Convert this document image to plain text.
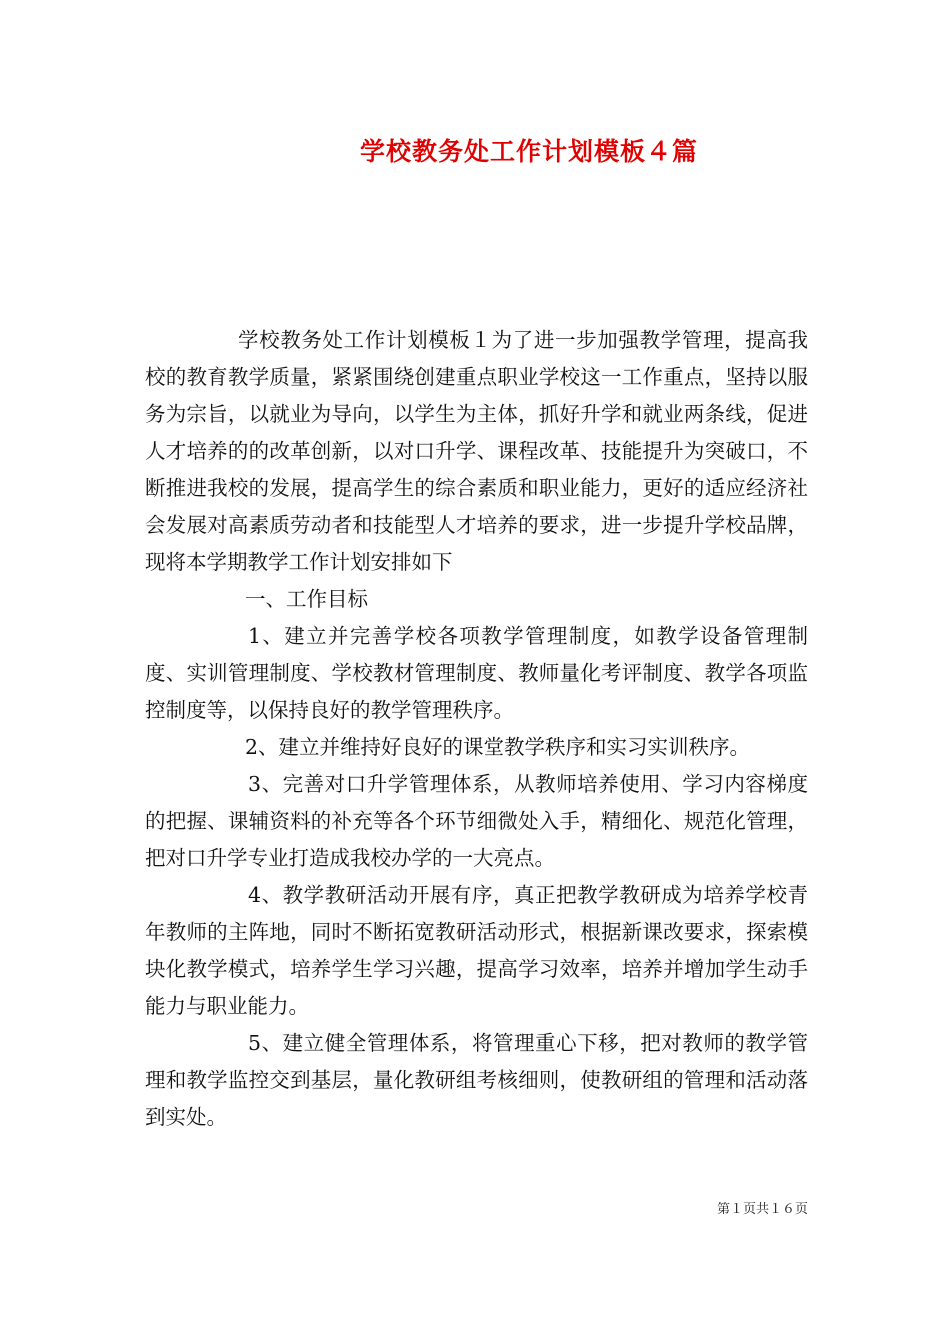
学校教务处工作计划模板４篇

学校教务处工作计划模板１为了进一步加强教学管理，提高我校的教育教学质量，紧紧围绕创建重点职业学校这一工作重点，坚持以服务为宗旨，以就业为导向，以学生为主体，抓好升学和就业两条线，促进人才培养的的改革创新，以对口升学、课程改革、技能提升为突破口，不断推进我校的发展，提高学生的综合素质和职业能力，更好的适应经济社会发展对高素质劳动者和技能型人才培养的要求，进一步提升学校品牌，现将本学期教学工作计划安排如下

一、工作目标

1、建立并完善学校各项教学管理制度，如教学设备管理制度、实训管理制度、学校教材管理制度、教师量化考评制度、教学各项监控制度等，以保持良好的教学管理秩序。

2、建立并维持好良好的课堂教学秩序和实习实训秩序。

3、完善对口升学管理体系，从教师培养使用、学习内容梯度的把握、课辅资料的补充等各个环节细微处入手，精细化、规范化管理，把对口升学专业打造成我校办学的一大亮点。

4、教学教研活动开展有序，真正把教学教研成为培养学校青年教师的主阵地，同时不断拓宽教研活动形式，根据新课改要求，探索模块化教学模式，培养学生学习兴趣，提高学习效率，培养并增加学生动手能力与职业能力。

5、建立健全管理体系，将管理重心下移，把对教师的教学管理和教学监控交到基层，量化教研组考核细则，使教研组的管理和活动落到实处。

第１页共１６页
